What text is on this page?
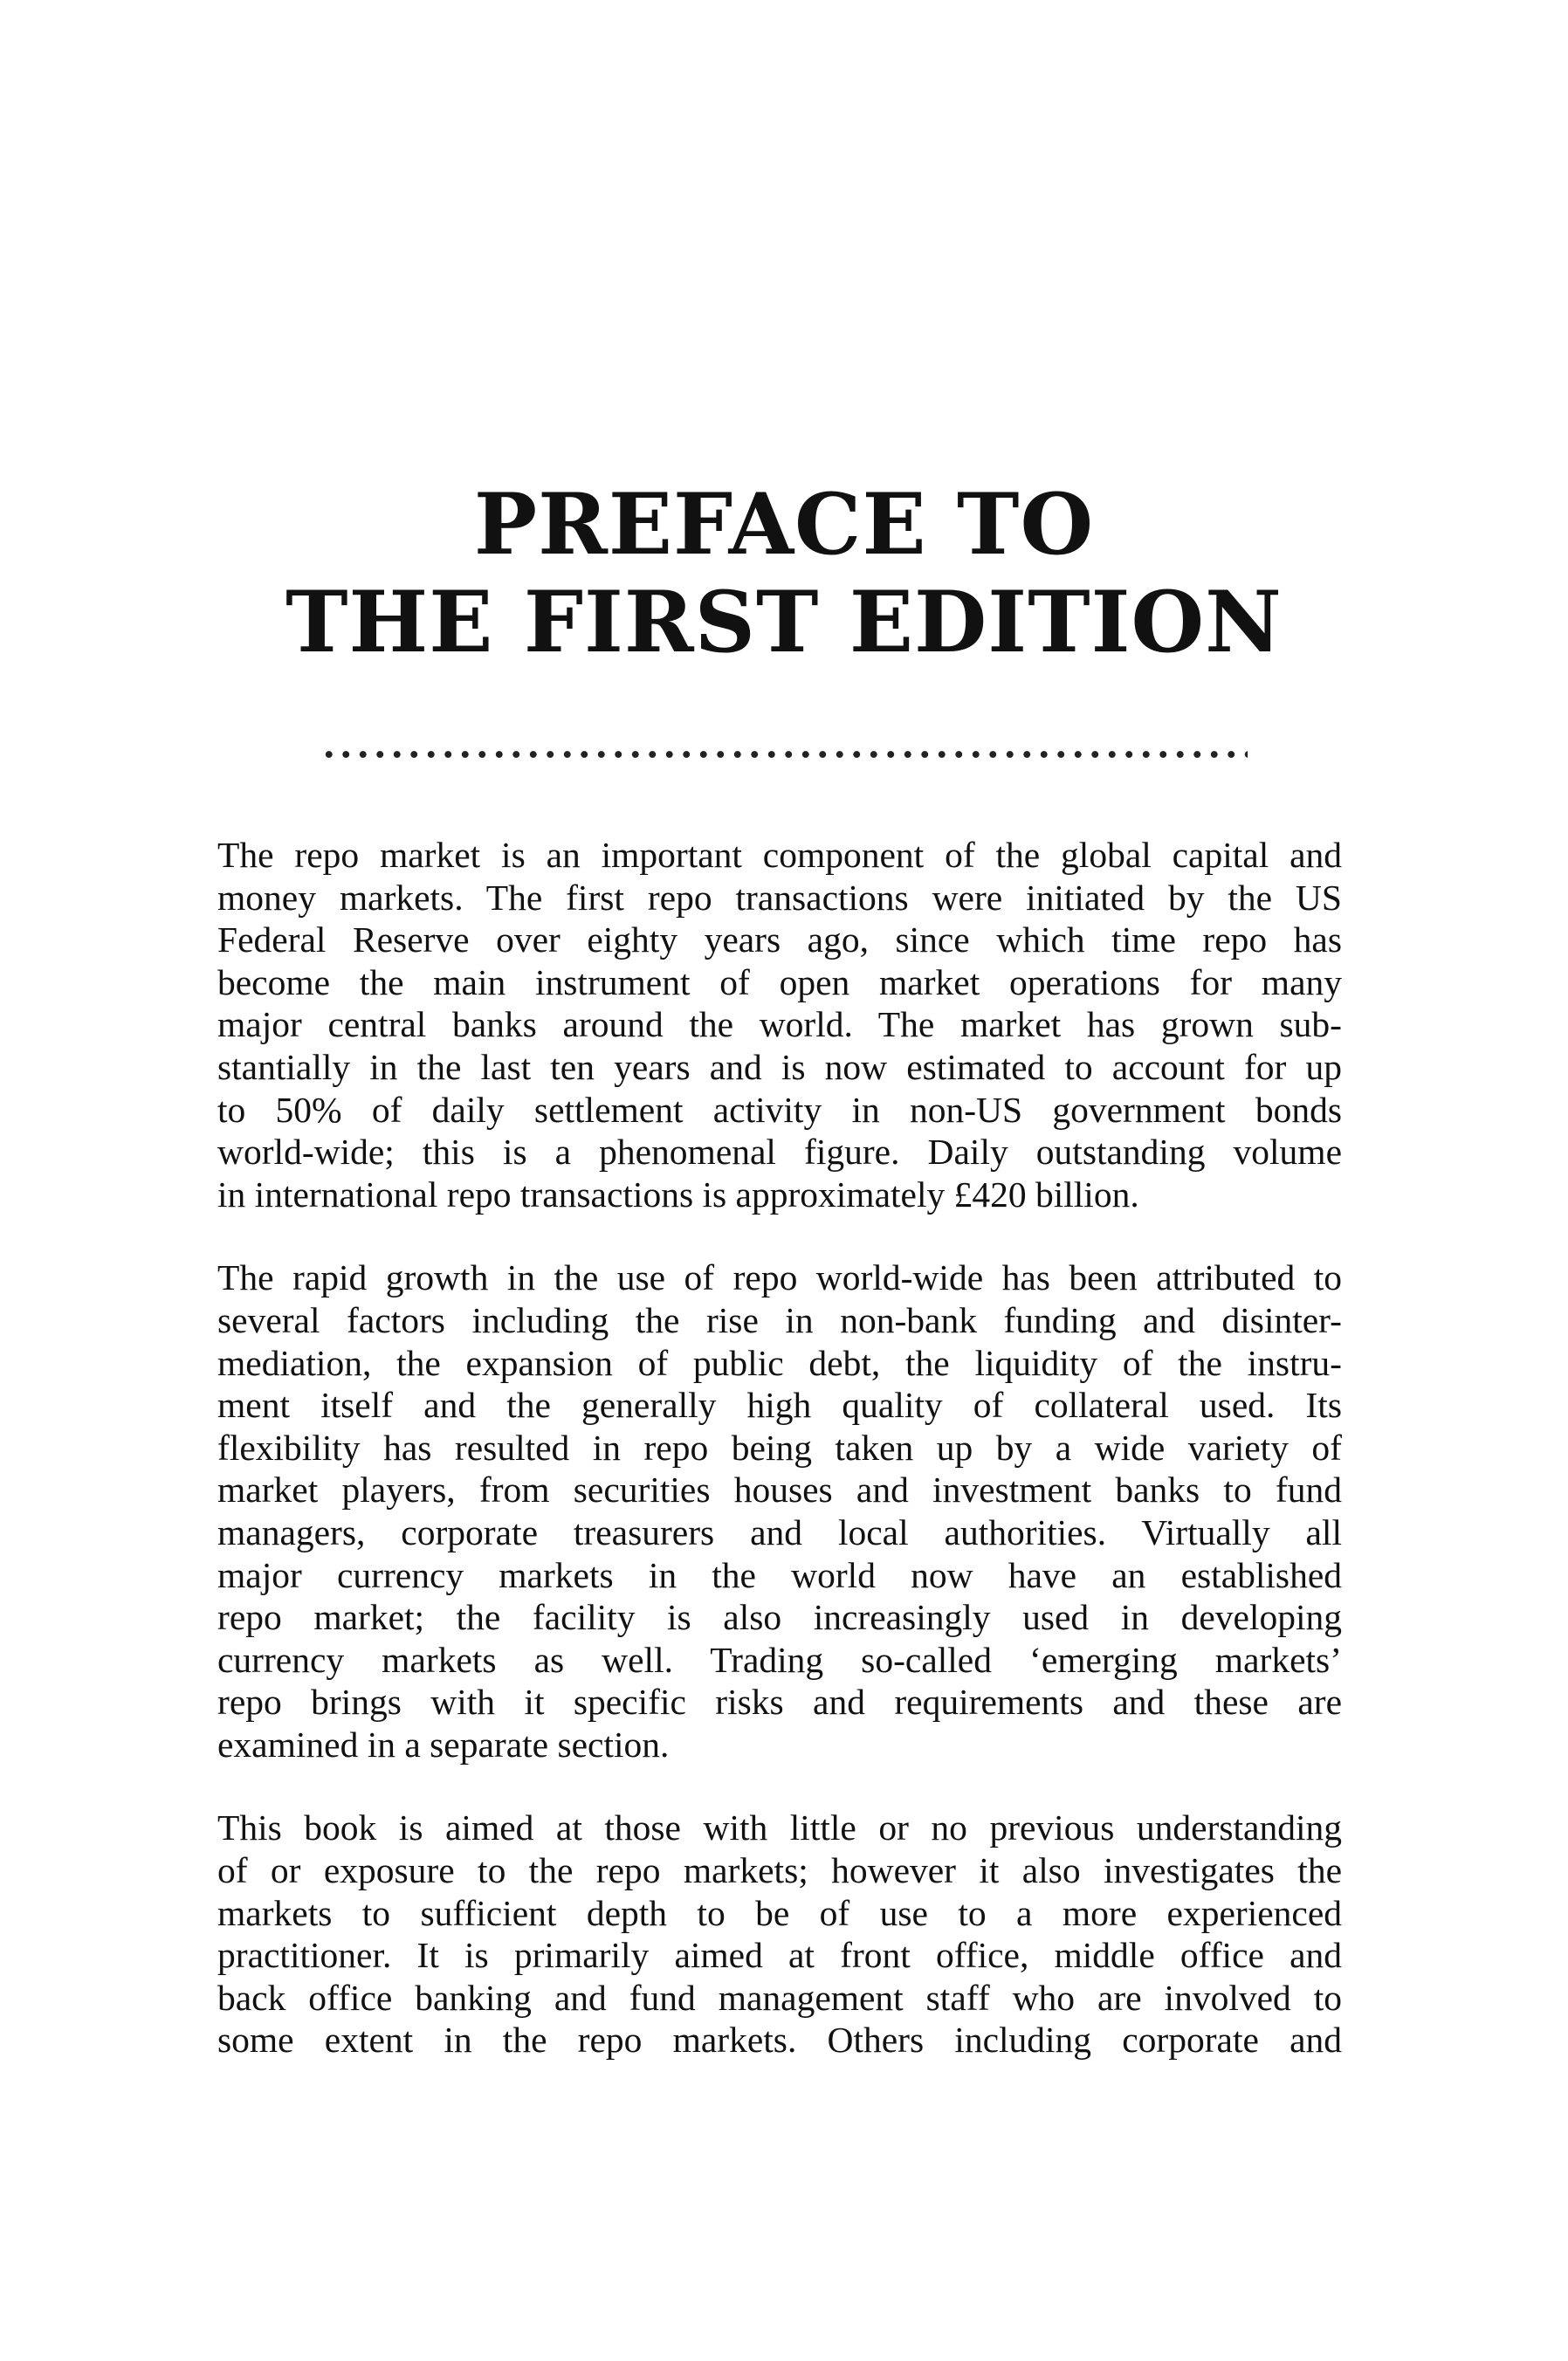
PREFACE TO
THE FIRST EDITION

The repo market is an important component of the global capital and
money markets. The first repo transactions were initiated by the US
Federal Reserve over eighty years ago, since which time repo has
become the main instrument of open market operations for many
major central banks around the world. The market has grown sub-
stantially in the last ten years and is now estimated to account for up
to 50% of daily settlement activity in non-US government bonds
world-wide; this is a phenomenal figure. Daily outstanding volume
in international repo transactions is approximately £420 billion.

The rapid growth in the use of repo world-wide has been attributed to
several factors including the rise in non-bank funding and disinter-
mediation, the expansion of public debt, the liquidity of the instru-
ment itself and the generally high quality of collateral used. Its
flexibility has resulted in repo being taken up by a wide variety of
market players, from securities houses and investment banks to fund
managers, corporate treasurers and local authorities. Virtually all
major currency markets in the world now have an established
repo market; the facility is also increasingly used in developing
currency markets as well. Trading so-called ‘emerging markets’
repo brings with it specific risks and requirements and these are
examined in a separate section.

This book is aimed at those with little or no previous understanding
of or exposure to the repo markets; however it also investigates the
markets to sufficient depth to be of use to a more experienced
practitioner. It is primarily aimed at front office, middle office and
back office banking and fund management staff who are involved to
some extent in the repo markets. Others including corporate and
